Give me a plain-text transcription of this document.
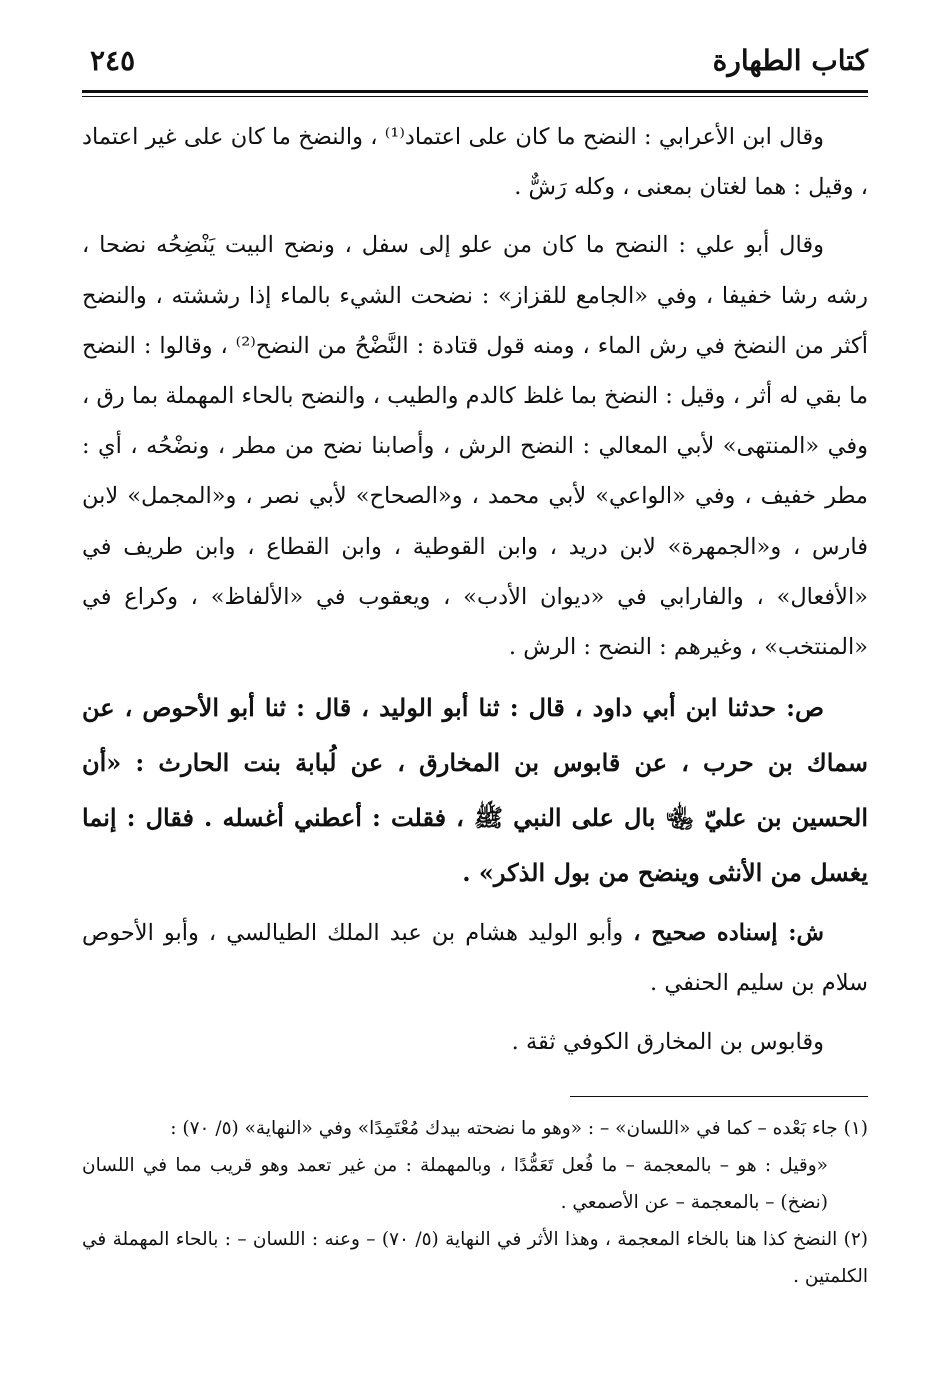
كتاب الطهارة
٢٤٥

وقال ابن الأعرابي : النضح ما كان على اعتماد⁽¹⁾ ، والنضخ ما كان على غير اعتماد ، وقيل : هما لغتان بمعنى ، وكله رَشٌّ .

وقال أبو علي : النضح ما كان من علو إلى سفل ، ونضح البيت يَنْضِحُه نضحا ، رشه رشا خفيفا ، وفي «الجامع للقزاز» : نضحت الشيء بالماء إذا رششته ، والنضح أكثر من النضخ في رش الماء ، ومنه قول قتادة : النَّضْحُ من النضح⁽²⁾ ، وقالوا : النضح ما بقي له أثر ، وقيل : النضخ بما غلظ كالدم والطيب ، والنضح بالحاء المهملة بما رق ، وفي «المنتهى» لأبي المعالي : النضح الرش ، وأصابنا نضح من مطر ، ونضْحُه ، أي : مطر خفيف ، وفي «الواعي» لأبي محمد ، و«الصحاح» لأبي نصر ، و«المجمل» لابن فارس ، و«الجمهرة» لابن دريد ، وابن القوطية ، وابن القطاع ، وابن طريف في «الأفعال» ، والفارابي في «ديوان الأدب» ، ويعقوب في «الألفاظ» ، وكراع في «المنتخب» ، وغيرهم : النضح : الرش .

ص: حدثنا ابن أبي داود ، قال : ثنا أبو الوليد ، قال : ثنا أبو الأحوص ، عن سماك بن حرب ، عن قابوس بن المخارق ، عن لُبابة بنت الحارث : «أن الحسين بن عليّ ﵄ بال على النبي ﷺ ، فقلت : أعطني أغسله . فقال : إنما يغسل من الأنثى وينضح من بول الذكر» .

ش: إسناده صحيح ، وأبو الوليد هشام بن عبد الملك الطيالسي ، وأبو الأحوص سلام بن سليم الحنفي .

وقابوس بن المخارق الكوفي ثقة .

(١) جاء بَعْده – كما في «اللسان» – : «وهو ما نضحته بيدك مُعْتَمِدًا» وفي «النهاية» (٥/ ٧٠) :

«وقيل : هو – بالمعجمة – ما فُعل تَعَمُّدًا ، وبالمهملة : من غير تعمد وهو قريب مما في اللسان (نضخ) – بالمعجمة – عن الأصمعي .

(٢) النضخ كذا هنا بالخاء المعجمة ، وهذا الأثر في النهاية (٥/ ٧٠) – وعنه : اللسان – : بالحاء المهملة في الكلمتين .
